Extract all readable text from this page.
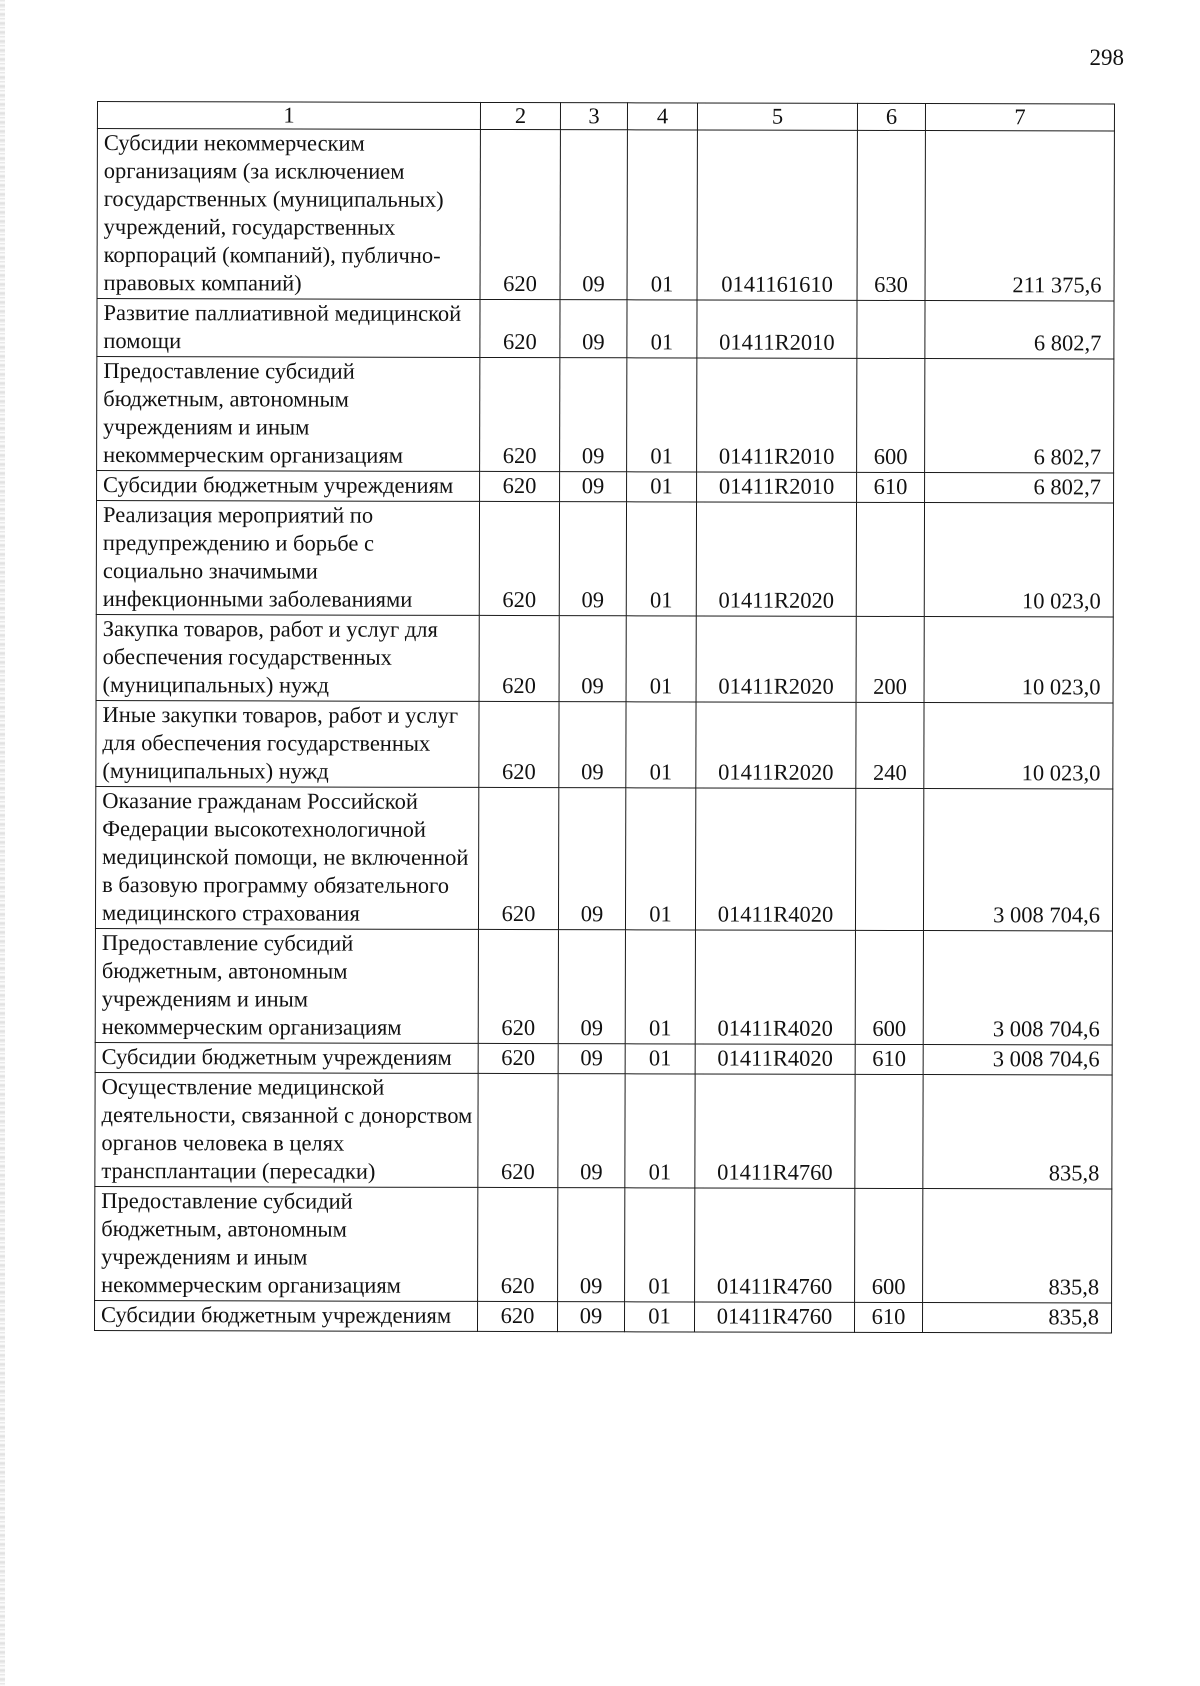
298
1	2	3	4	5	6	7
Субсидии некоммерческим организациям (за исключением государственных (муниципальных) учреждений, государственных корпораций (компаний), публично-правовых компаний)	620	09	01	0141161610	630	211 375,6
Развитие паллиативной медицинской помощи	620	09	01	01411R2010		6 802,7
Предоставление субсидий бюджетным, автономным учреждениям и иным некоммерческим организациям	620	09	01	01411R2010	600	6 802,7
Субсидии бюджетным учреждениям	620	09	01	01411R2010	610	6 802,7
Реализация мероприятий по предупреждению и борьбе с социально значимыми инфекционными заболеваниями	620	09	01	01411R2020		10 023,0
Закупка товаров, работ и услуг для обеспечения государственных (муниципальных) нужд	620	09	01	01411R2020	200	10 023,0
Иные закупки товаров, работ и услуг для обеспечения государственных (муниципальных) нужд	620	09	01	01411R2020	240	10 023,0
Оказание гражданам Российской Федерации высокотехнологичной медицинской помощи, не включенной в базовую программу обязательного медицинского страхования	620	09	01	01411R4020		3 008 704,6
Предоставление субсидий бюджетным, автономным учреждениям и иным некоммерческим организациям	620	09	01	01411R4020	600	3 008 704,6
Субсидии бюджетным учреждениям	620	09	01	01411R4020	610	3 008 704,6
Осуществление медицинской деятельности, связанной с донорством органов человека в целях трансплантации (пересадки)	620	09	01	01411R4760		835,8
Предоставление субсидий бюджетным, автономным учреждениям и иным некоммерческим организациям	620	09	01	01411R4760	600	835,8
Субсидии бюджетным учреждениям	620	09	01	01411R4760	610	835,8
